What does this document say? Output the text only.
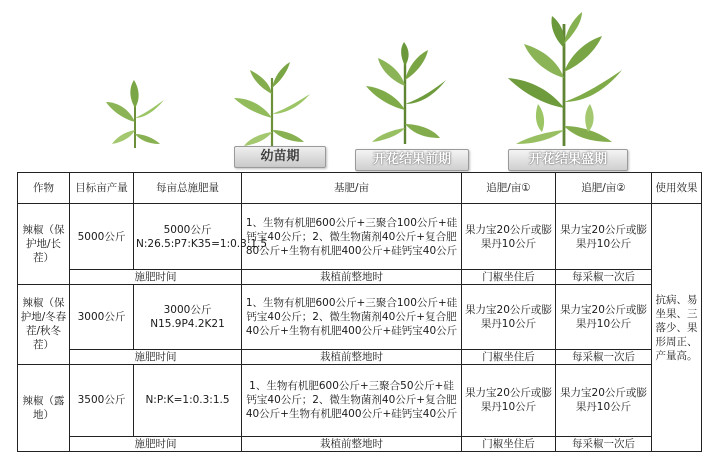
幼苗期	开花结果前期	开花结果盛期
作物	目标亩产量	每亩总施肥量	基肥/亩	追肥/亩①	追肥/亩②	使用效果
辣椒（保护地/长茬）	5000公斤	5000公斤 N:26.5:P7:K35=1:0.3:1.5	1、生物有机肥600公斤+三聚合100公斤+硅钙宝40公斤；2、微生物菌剂40公斤+复合肥80公斤+生物有机肥400公斤+硅钙宝40公斤	果力宝20公斤或膨果丹10公斤	果力宝20公斤或膨果丹10公斤	抗病、易坐果、三落少、果形周正、产量高。
	施肥时间		栽植前整地时	门椒坐住后	每采椒一次后	
辣椒（保护地/冬春茬/秋冬茬）	3000公斤	3000公斤 N15.9P4.2K21	1、生物有机肥600公斤+三聚合100公斤+硅钙宝40公斤；2、微生物菌剂40公斤+复合肥40公斤+生物有机肥400公斤+硅钙宝40公斤	果力宝20公斤或膨果丹10公斤	果力宝20公斤或膨果丹10公斤	
	施肥时间		栽植前整地时	门椒坐住后	每采椒一次后	
辣椒（露地）	3500公斤	N:P:K=1:0.3:1.5	1、生物有机肥600公斤+三聚合50公斤+硅钙宝40公斤；2、微生物菌剂40公斤+复合肥40公斤+生物有机肥400公斤+硅钙宝40公斤	果力宝20公斤或膨果丹10公斤	果力宝20公斤或膨果丹10公斤	
	施肥时间		栽植前整地时	门椒坐住后	每采椒一次后	
